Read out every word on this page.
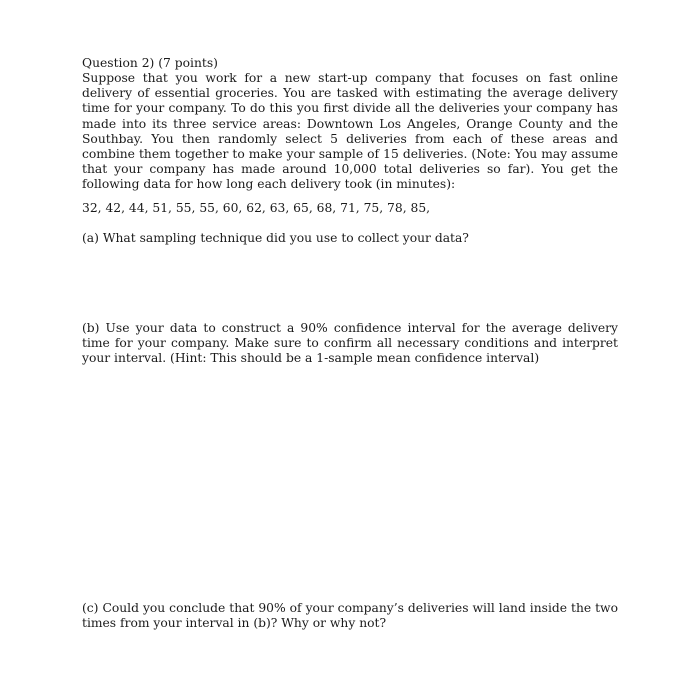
Question 2) (7 points)

Suppose that you work for a new start-up company that focuses on fast online delivery of essential groceries. You are tasked with estimating the average delivery time for your company. To do this you first divide all the deliveries your company has made into its three service areas: Downtown Los Angeles, Orange County and the Southbay. You then randomly select 5 deliveries from each of these areas and combine them together to make your sample of 15 deliveries. (Note: You may assume that your company has made around 10,000 total deliveries so far). You get the following data for how long each delivery took (in minutes):

32, 42, 44, 51, 55, 55, 60, 62, 63, 65, 68, 71, 75, 78, 85,
(a) What sampling technique did you use to collect your data?
(b) Use your data to construct a 90% confidence interval for the average delivery time for your company. Make sure to confirm all necessary conditions and interpret your interval. (Hint: This should be a 1-sample mean confidence interval)
(c) Could you conclude that 90% of your company’s deliveries will land inside the two times from your interval in (b)? Why or why not?
